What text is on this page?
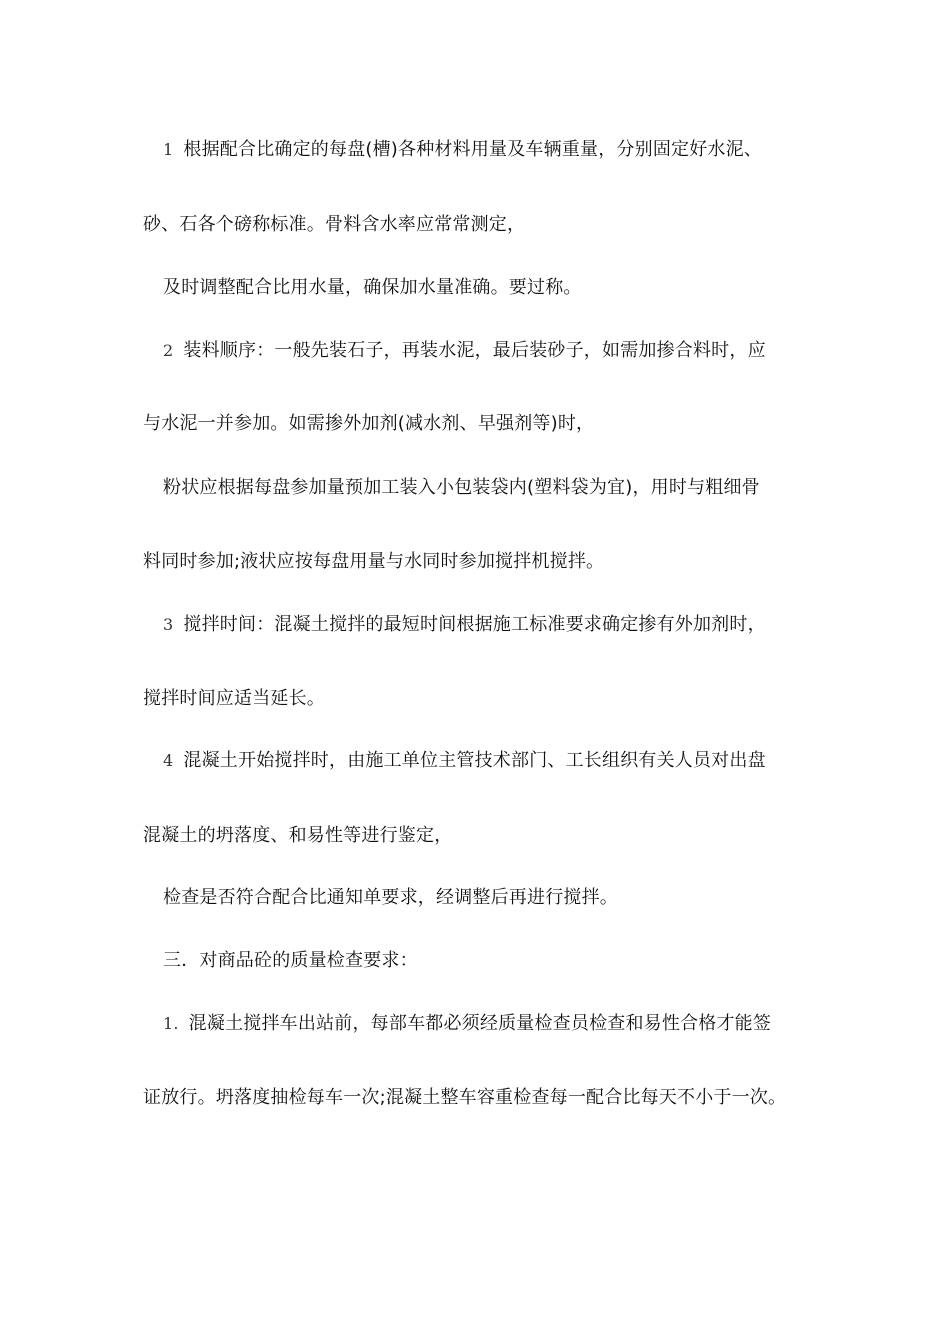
1 根据配合比确定的每盘(槽)各种材料用量及车辆重量，分别固定好水泥、
砂、石各个磅称标准。骨料含水率应常常测定，
及时调整配合比用水量，确保加水量准确。要过称。
2 装料顺序：一般先装石子，再装水泥，最后装砂子，如需加掺合料时，应
与水泥一并参加。如需掺外加剂(减水剂、早强剂等)时，
粉状应根据每盘参加量预加工装入小包装袋内(塑料袋为宜)，用时与粗细骨
料同时参加;液状应按每盘用量与水同时参加搅拌机搅拌。
3 搅拌时间：混凝土搅拌的最短时间根据施工标准要求确定掺有外加剂时，
搅拌时间应适当延长。
4 混凝土开始搅拌时，由施工单位主管技术部门、工长组织有关人员对出盘
混凝土的坍落度、和易性等进行鉴定，
检查是否符合配合比通知单要求，经调整后再进行搅拌。
三．对商品砼的质量检查要求：
1. 混凝土搅拌车出站前，每部车都必须经质量检查员检查和易性合格才能签
证放行。坍落度抽检每车一次;混凝土整车容重检查每一配合比每天不小于一次。
